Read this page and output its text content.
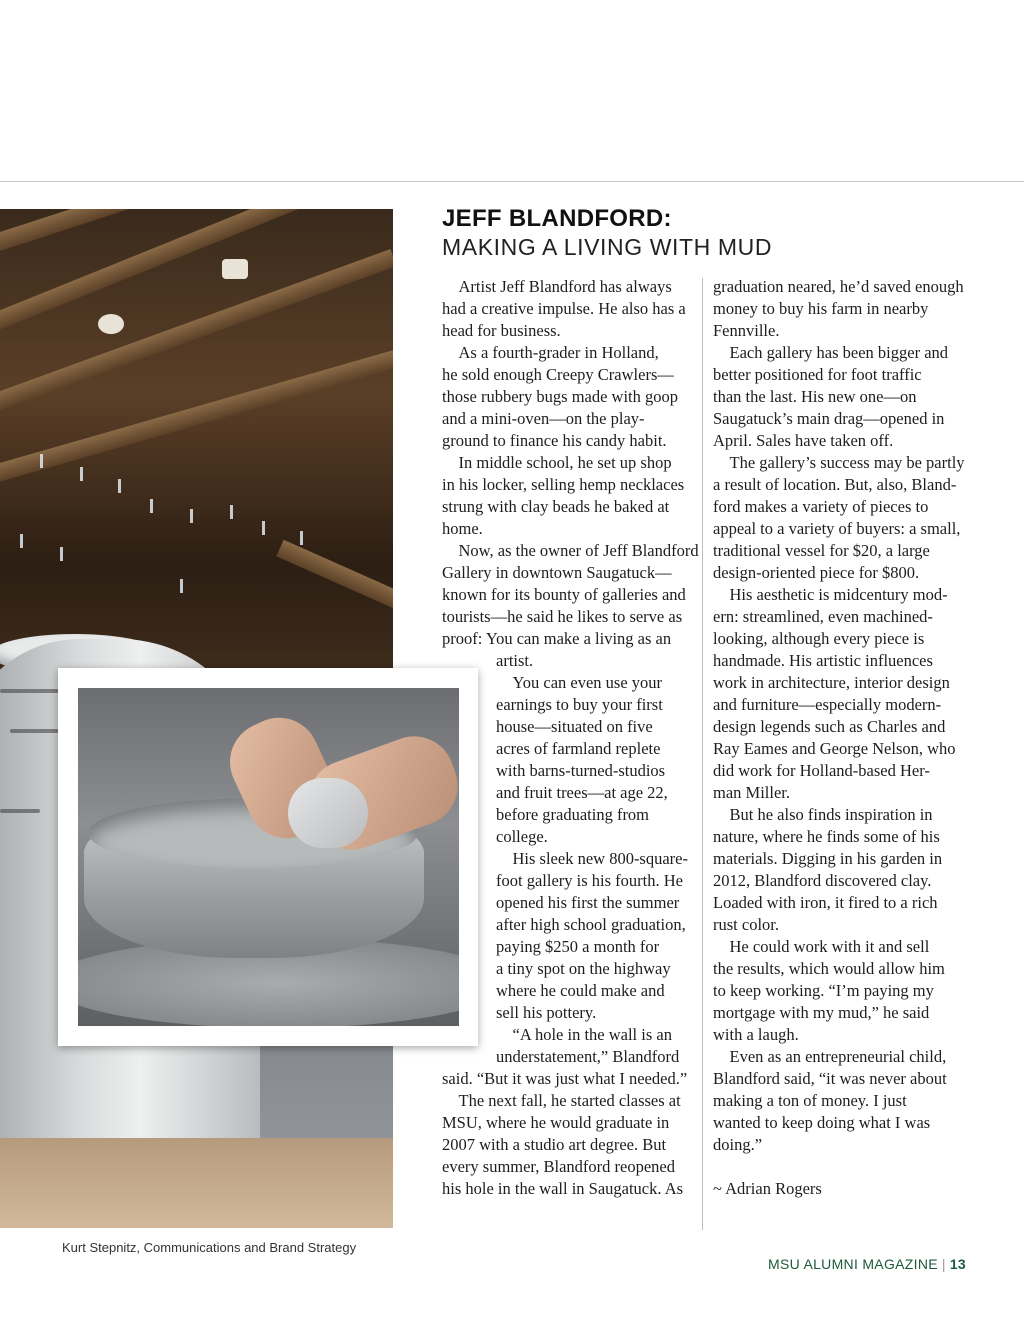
Kurt Stepnitz, Communications and Brand Strategy

JEFF BLANDFORD:
MAKING A LIVING WITH MUD
 Artist Jeff Blandford has always
had a creative impulse. He also has a
head for business.
 As a fourth-grader in Holland,
he sold enough Creepy Crawlers—
those rubbery bugs made with goop
and a mini-oven—on the play-
ground to finance his candy habit.
 In middle school, he set up shop
in his locker, selling hemp necklaces
strung with clay beads he baked at
home.
 Now, as the owner of Jeff Blandford
Gallery in downtown Saugatuck—
known for its bounty of galleries and
tourists—he said he likes to serve as
proof: You can make a living as an
artist.
 You can even use your
earnings to buy your first
house—situated on five
acres of farmland replete
with barns-turned-studios
and fruit trees—at age 22,
before graduating from
college.
 His sleek new 800-square-
foot gallery is his fourth. He
opened his first the summer
after high school graduation,
paying $250 a month for
a tiny spot on the highway
where he could make and
sell his pottery.
 “A hole in the wall is an
understatement,” Blandford
said. “But it was just what I needed.”
 The next fall, he started classes at
MSU, where he would graduate in
2007 with a studio art degree. But
every summer, Blandford reopened
his hole in the wall in Saugatuck. As
graduation neared, he’d saved enough
money to buy his farm in nearby
Fennville.
 Each gallery has been bigger and
better positioned for foot traffic
than the last. His new one—on
Saugatuck’s main drag—opened in
April. Sales have taken off.
 The gallery’s success may be partly
a result of location. But, also, Bland-
ford makes a variety of pieces to
appeal to a variety of buyers: a small,
traditional vessel for $20, a large
design-oriented piece for $800.
 His aesthetic is midcentury mod-
ern: streamlined, even machined-
looking, although every piece is
handmade. His artistic influences
work in architecture, interior design
and furniture—especially modern-
design legends such as Charles and
Ray Eames and George Nelson, who
did work for Holland-based Her-
man Miller.
 But he also finds inspiration in
nature, where he finds some of his
materials. Digging in his garden in
2012, Blandford discovered clay.
Loaded with iron, it fired to a rich
rust color.
 He could work with it and sell
the results, which would allow him
to keep working. “I’m paying my
mortgage with my mud,” he said
with a laugh.
 Even as an entrepreneurial child,
Blandford said, “it was never about
making a ton of money. I just
wanted to keep doing what I was
doing.”
~ Adrian Rogers

MSU ALUMNI MAGAZINE | 13
